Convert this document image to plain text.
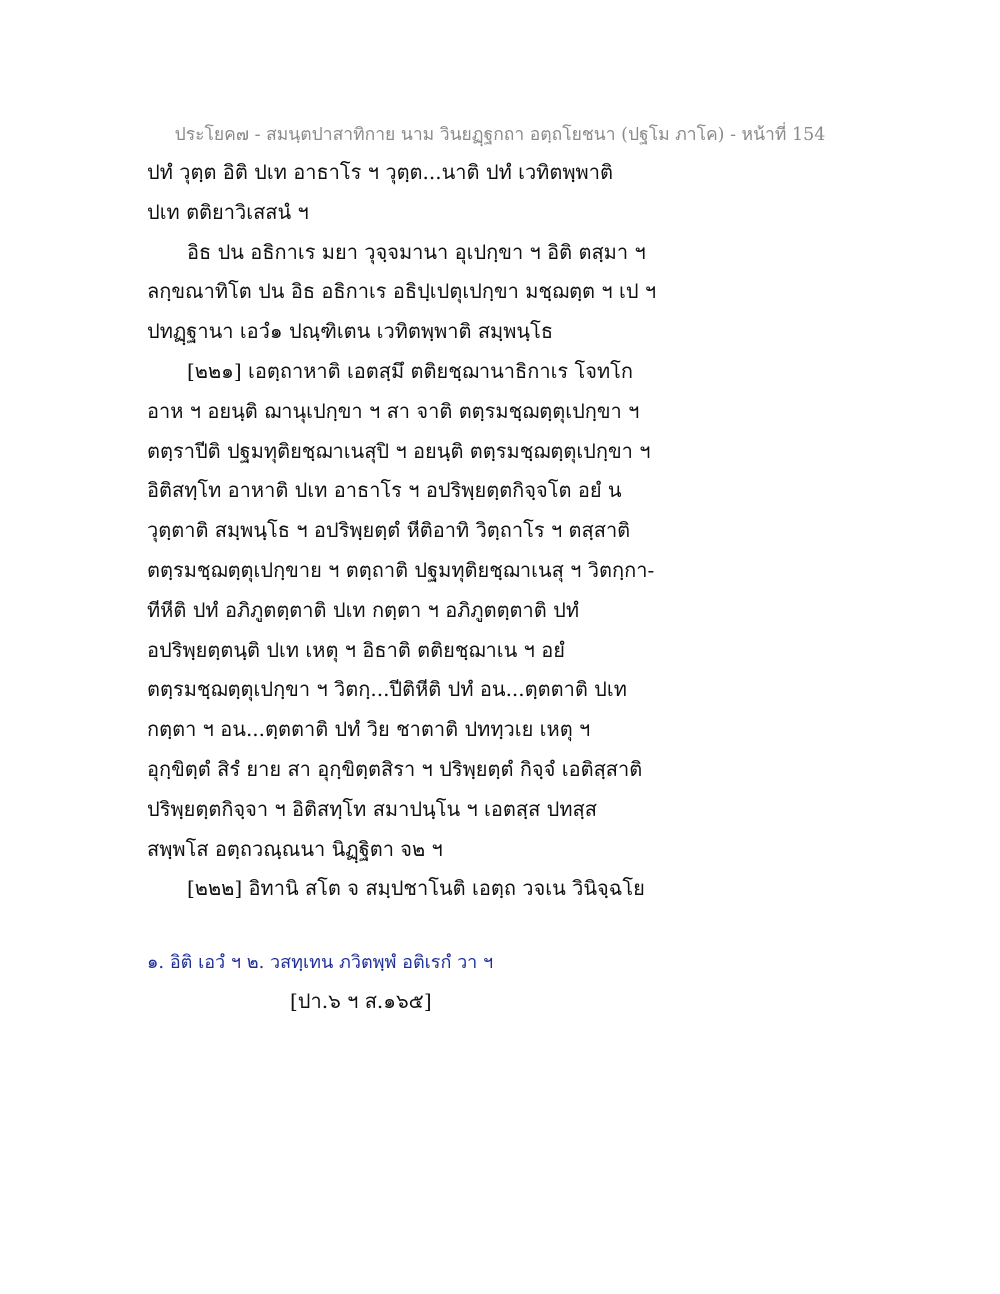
ประโยค๗ - สมนฺตปาสาทิกาย นาม วินยฏฺฐกถา อตฺถโยชนา (ปฐโม ภาโค) - หน้าที่ 154
ปทํ วุตฺต อิติ ปเท อาธาโร ฯ วุตฺต...นาติ ปทํ เวทิตพฺพาติ
ปเท ตติยาวิเสสนํ ฯ
อิธ ปน อธิกาเร มยา วุจฺจมานา อุเปกฺขา ฯ อิติ ตสฺมา ฯ
ลกฺขณาทิโต ปน อิธ อธิกาเร อธิปฺเปตุเปกฺขา มชฺฌตฺต ฯ เป ฯ
ปทฏฺฐานา เอวํ๑ ปณฺฑิเตน เวทิตพฺพาติ สมฺพนฺโธ
[๒๒๑] เอตฺถาหาติ เอตสฺมึ ตติยชฺฌานาธิกาเร โจทโก
อาห ฯ อยนฺติ ฌานุเปกฺขา ฯ สา จาติ ตตฺรมชฺฌตฺตุเปกฺขา ฯ
ตตฺราปีติ ปฐมทุติยชฺฌาเนสุปิ ฯ อยนฺติ ตตฺรมชฺฌตฺตุเปกฺขา ฯ
อิติสทฺโท อาหาติ ปเท อาธาโร ฯ อปริพฺยตฺตกิจฺจโต อยํ น
วุตฺตาติ สมฺพนฺโธ ฯ อปริพฺยตฺตํ หีติอาทิ วิตฺถาโร ฯ ตสฺสาติ
ตตฺรมชฺฌตฺตุเปกฺขาย ฯ ตตฺถาติ ปฐมทุติยชฺฌาเนสุ ฯ วิตกฺกา-
ทีหีติ ปทํ อภิภูตตฺตาติ ปเท กตฺตา ฯ อภิภูตตฺตาติ ปทํ
อปริพฺยตฺตนฺติ ปเท เหตุ ฯ อิธาติ ตติยชฺฌาเน ฯ อยํ
ตตฺรมชฺฌตฺตุเปกฺขา ฯ วิตกฺ...ปีติหีติ ปทํ อน...ตฺตตาติ ปเท
กตฺตา ฯ อน...ตฺตตาติ ปทํ วิย ชาตาติ ปททฺวเย เหตุ ฯ
อุกฺขิตฺตํ สิรํ ยาย สา อุกฺขิตฺตสิรา ฯ ปริพฺยตฺตํ กิจฺจํ เอติสฺสาติ
ปริพฺยตฺตกิจฺจา ฯ อิติสทฺโท สมาปนฺโน ฯ เอตสฺส ปทสฺส
สพฺพโส อตฺถวณฺณนา นิฏฺฐิตา จ๒ ฯ
[๒๒๒] อิทานิ สโต จ สมฺปชาโนติ เอตฺถ วจเน วินิจฺฉโย
๑. อิติ เอวํ ฯ ๒. วสทฺเทน ภวิตพฺพํ อติเรกํ วา ฯ
[ปา.๖ ฯ ส.๑๖๕]
